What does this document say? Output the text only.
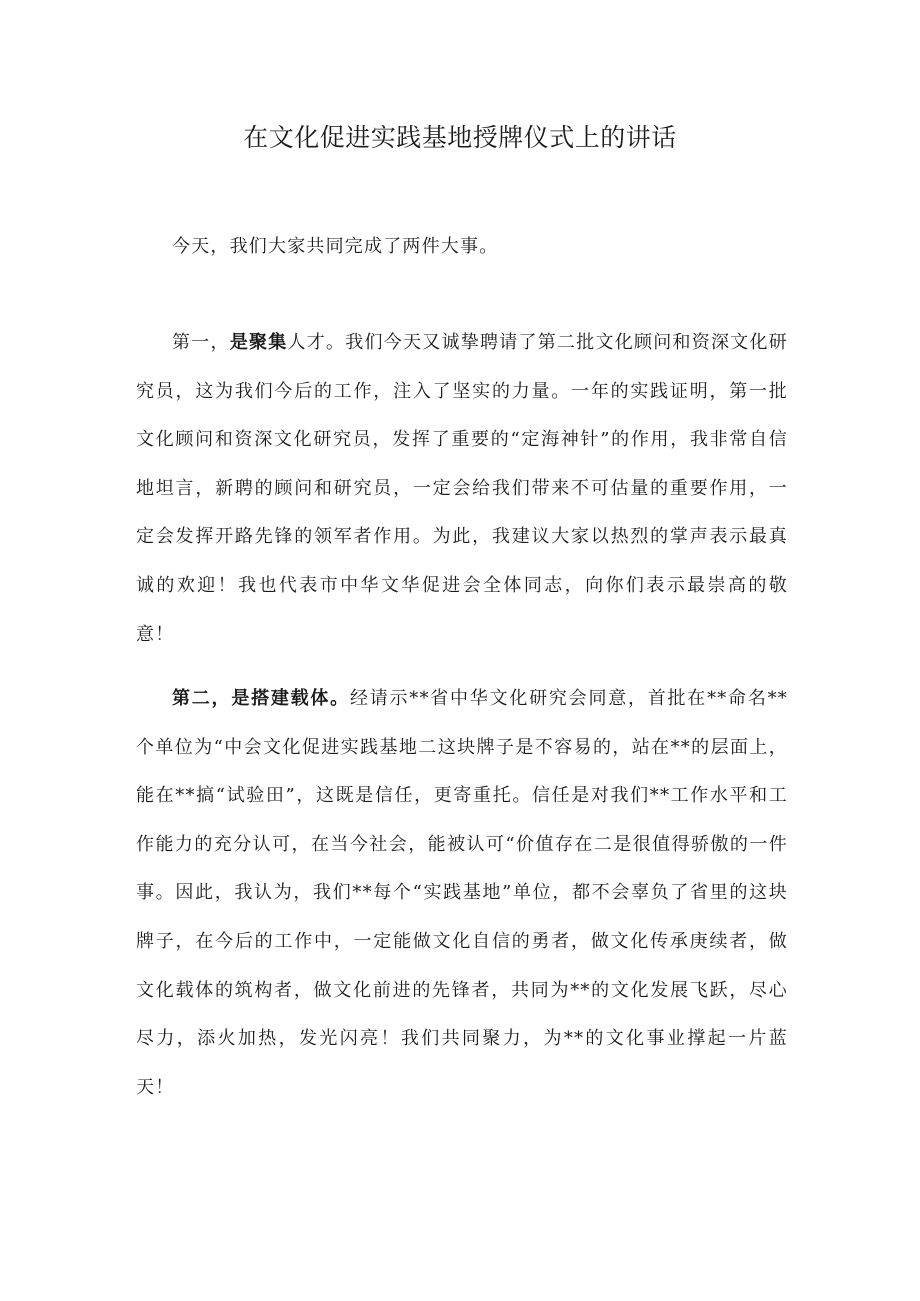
在文化促进实践基地授牌仪式上的讲话

今天，我们大家共同完成了两件大事。

第一，是聚集人才。我们今天又诚挚聘请了第二批文化顾问和资深文化研究员，这为我们今后的工作，注入了坚实的力量。一年的实践证明，第一批文化顾问和资深文化研究员，发挥了重要的“定海神针”的作用，我非常自信地坦言，新聘的顾问和研究员，一定会给我们带来不可估量的重要作用，一定会发挥开路先锋的领军者作用。为此，我建议大家以热烈的掌声表示最真诚的欢迎！我也代表市中华文华促进会全体同志，向你们表示最崇高的敬意！

第二，是搭建载体。经请示**省中华文化研究会同意，首批在**命名**个单位为“中会文化促进实践基地二这块牌子是不容易的，站在**的层面上，能在**搞“试验田”，这既是信任，更寄重托。信任是对我们**工作水平和工作能力的充分认可，在当今社会，能被认可“价值存在二是很值得骄傲的一件事。因此，我认为，我们**每个“实践基地”单位，都不会辜负了省里的这块牌子，在今后的工作中，一定能做文化自信的勇者，做文化传承庚续者，做文化载体的筑构者，做文化前进的先锋者，共同为**的文化发展飞跃，尽心尽力，添火加热，发光闪亮！我们共同聚力，为**的文化事业撑起一片蓝天！
